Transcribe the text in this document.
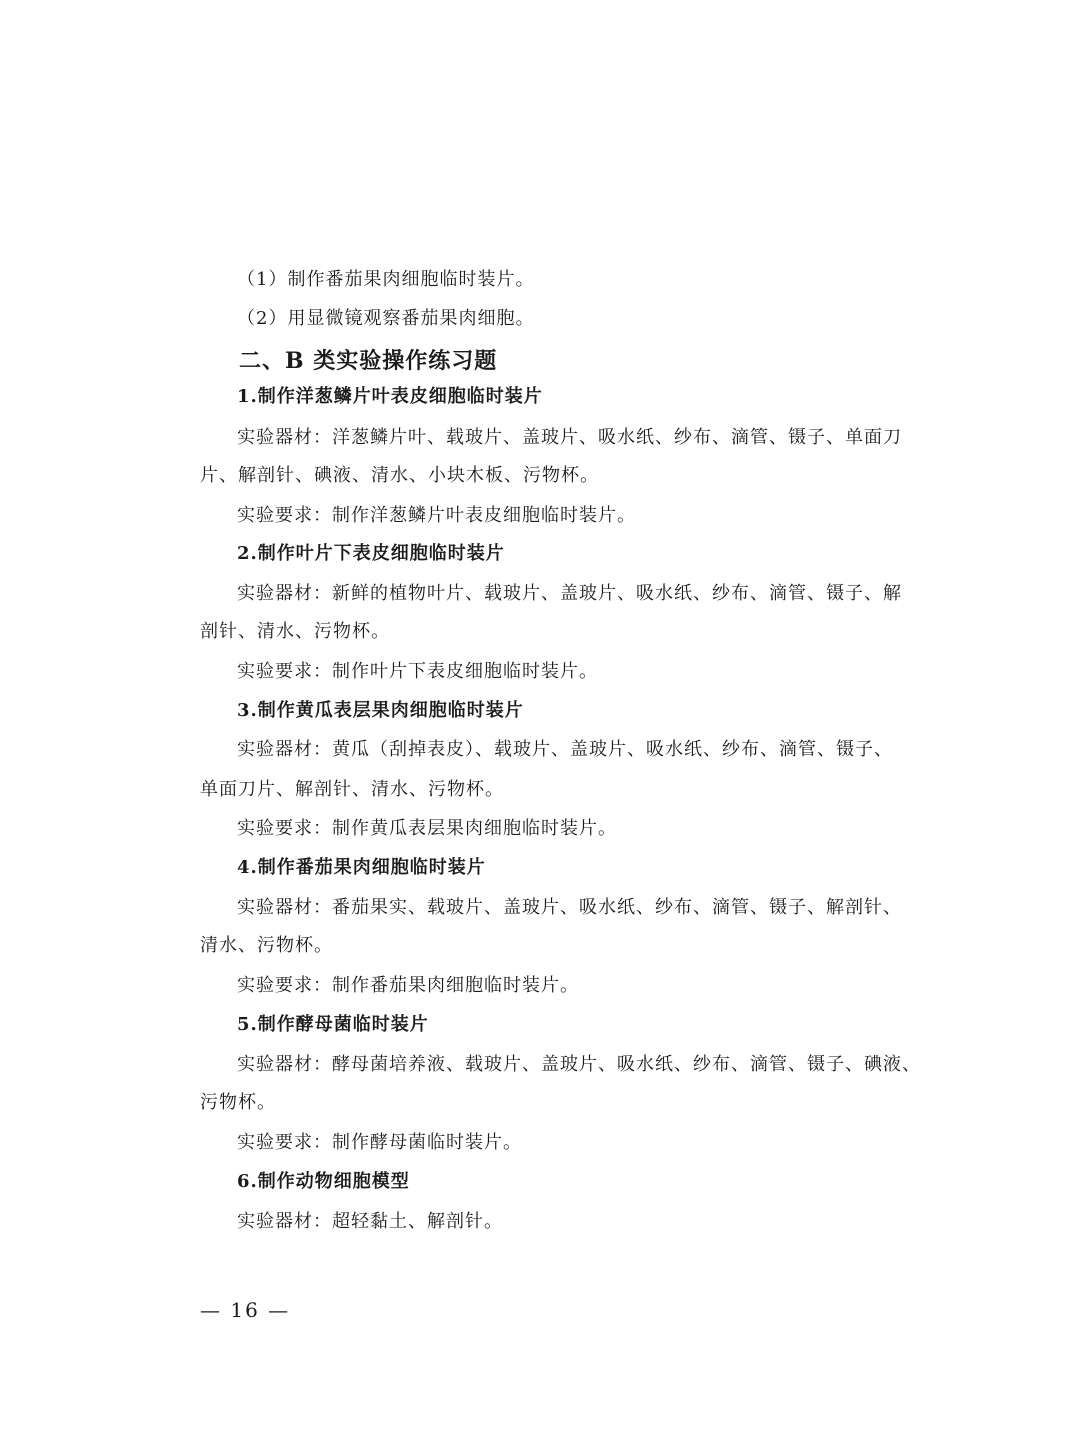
（1）制作番茄果肉细胞临时装片。
（2）用显微镜观察番茄果肉细胞。
二、B 类实验操作练习题
1.制作洋葱鳞片叶表皮细胞临时装片
实验器材：洋葱鳞片叶、载玻片、盖玻片、吸水纸、纱布、滴管、镊子、单面刀
片、解剖针、碘液、清水、小块木板、污物杯。
实验要求：制作洋葱鳞片叶表皮细胞临时装片。
2.制作叶片下表皮细胞临时装片
实验器材：新鲜的植物叶片、载玻片、盖玻片、吸水纸、纱布、滴管、镊子、解
剖针、清水、污物杯。
实验要求：制作叶片下表皮细胞临时装片。
3.制作黄瓜表层果肉细胞临时装片
实验器材：黄瓜（刮掉表皮）、载玻片、盖玻片、吸水纸、纱布、滴管、镊子、
单面刀片、解剖针、清水、污物杯。
实验要求：制作黄瓜表层果肉细胞临时装片。
4.制作番茄果肉细胞临时装片
实验器材：番茄果实、载玻片、盖玻片、吸水纸、纱布、滴管、镊子、解剖针、
清水、污物杯。
实验要求：制作番茄果肉细胞临时装片。
5.制作酵母菌临时装片
实验器材：酵母菌培养液、载玻片、盖玻片、吸水纸、纱布、滴管、镊子、碘液、
污物杯。
实验要求：制作酵母菌临时装片。
6.制作动物细胞模型
实验器材：超轻黏土、解剖针。
— 16 —
